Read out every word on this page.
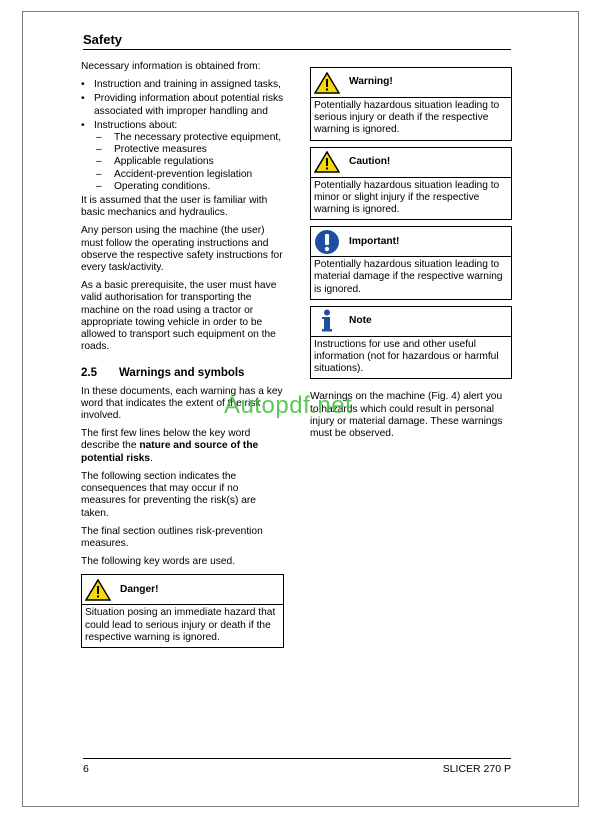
Safety

Necessary information is obtained from:

• Instruction and training in assigned tasks,
• Providing information about potential risks associated with improper handling and
• Instructions about:
– The necessary protective equipment,
– Protective measures
– Applicable regulations
– Accident-prevention legislation
– Operating conditions.

It is assumed that the user is familiar with basic mechanics and hydraulics.

Any person using the machine (the user) must follow the operating instructions and observe the respective safety instructions for every task/activity.

As a basic prerequisite, the user must have valid authorisation for transporting the machine on the road using a tractor or appropriate towing vehicle in order to be allowed to transport such equipment on the roads.

2.5	Warnings and symbols

In these documents, each warning has a key word that indicates the extent of the risk involved.

The first few lines below the key word describe the nature and source of the potential risks.

The following section indicates the consequences that may occur if no measures for preventing the risk(s) are taken.

The final section outlines risk-prevention measures.

The following key words are used.

Danger!
Situation posing an immediate hazard that could lead to serious injury or death if the respective warning is ignored.
Warning!
Potentially hazardous situation leading to serious injury or death if the respective warning is ignored.
Caution!
Potentially hazardous situation leading to minor or slight injury if the respective warning is ignored.
Important!
Potentially hazardous situation leading to material damage if the respective warning is ignored.
Note
Instructions for use and other useful information (not for hazardous or harmful situations).

Warnings on the machine (Fig. 4) alert you to hazards which could result in personal injury or material damage. These warnings must be observed.

Autopdf.net
6	SLICER 270 P
